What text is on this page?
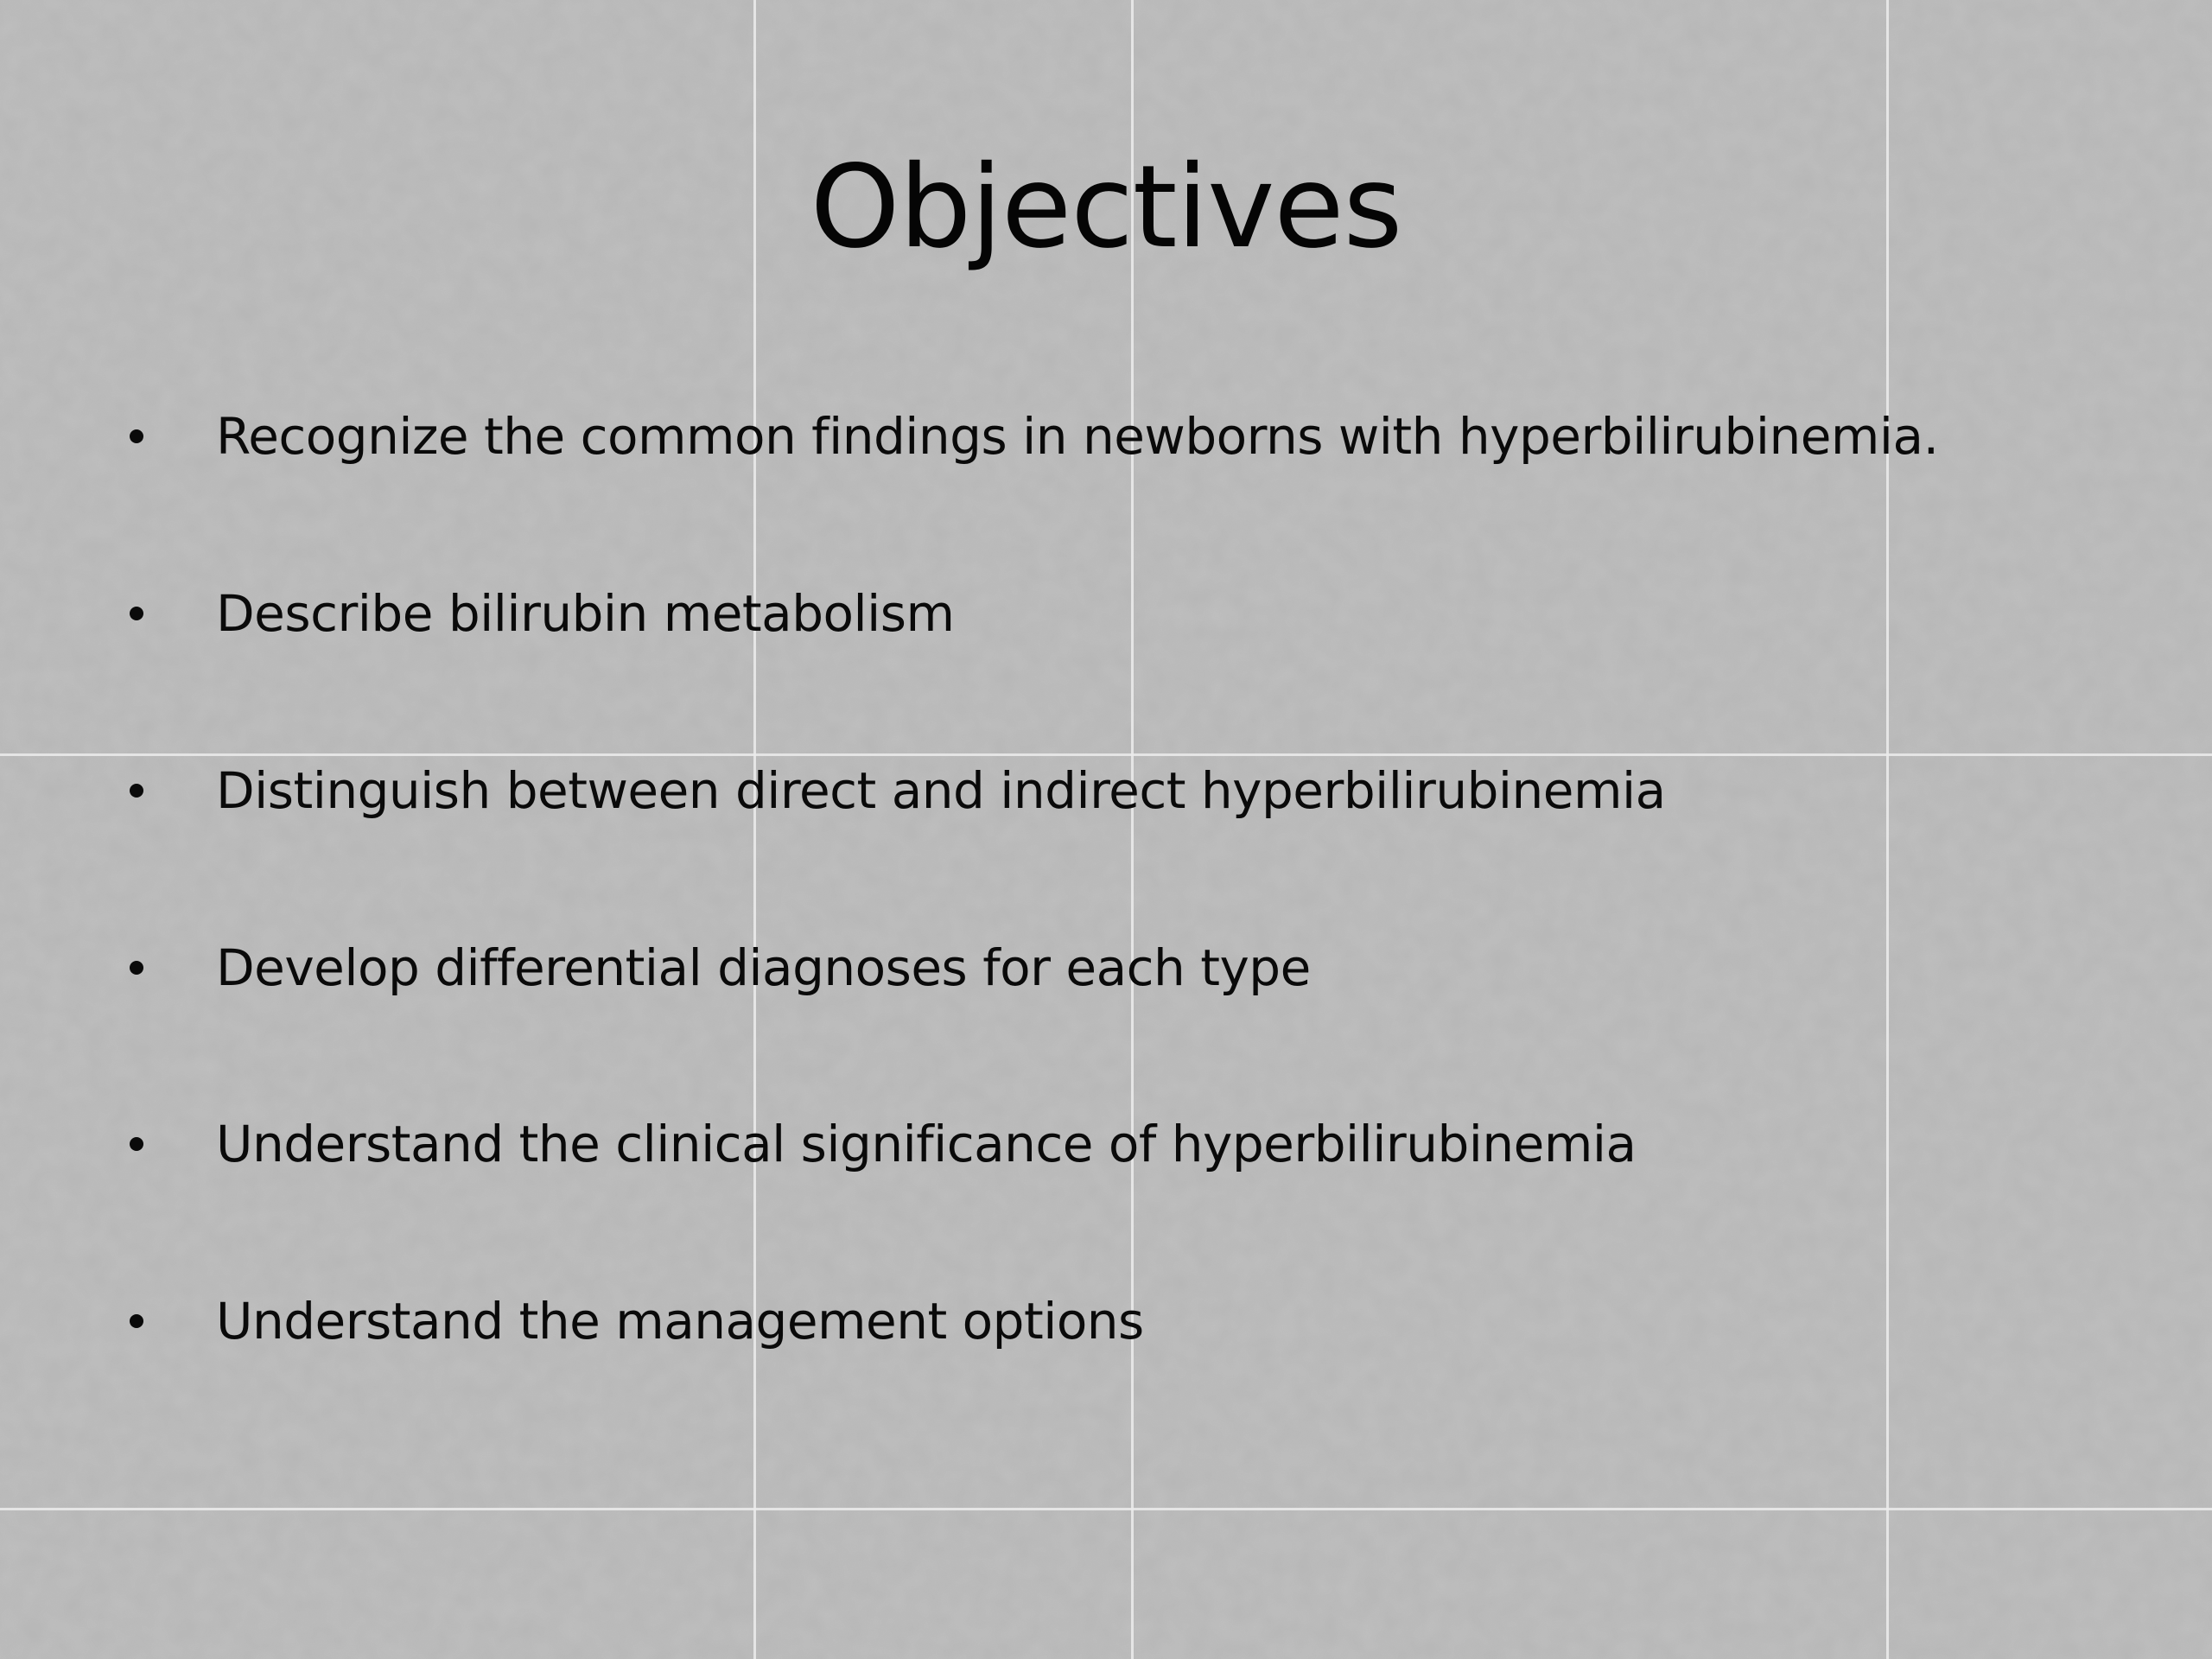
Objectives
Recognize the common findings in newborns with hyperbilirubinemia.
Describe bilirubin metabolism
Distinguish between direct and indirect hyperbilirubinemia
Develop differential diagnoses for each type
Understand the clinical significance of hyperbilirubinemia
Understand the management options
